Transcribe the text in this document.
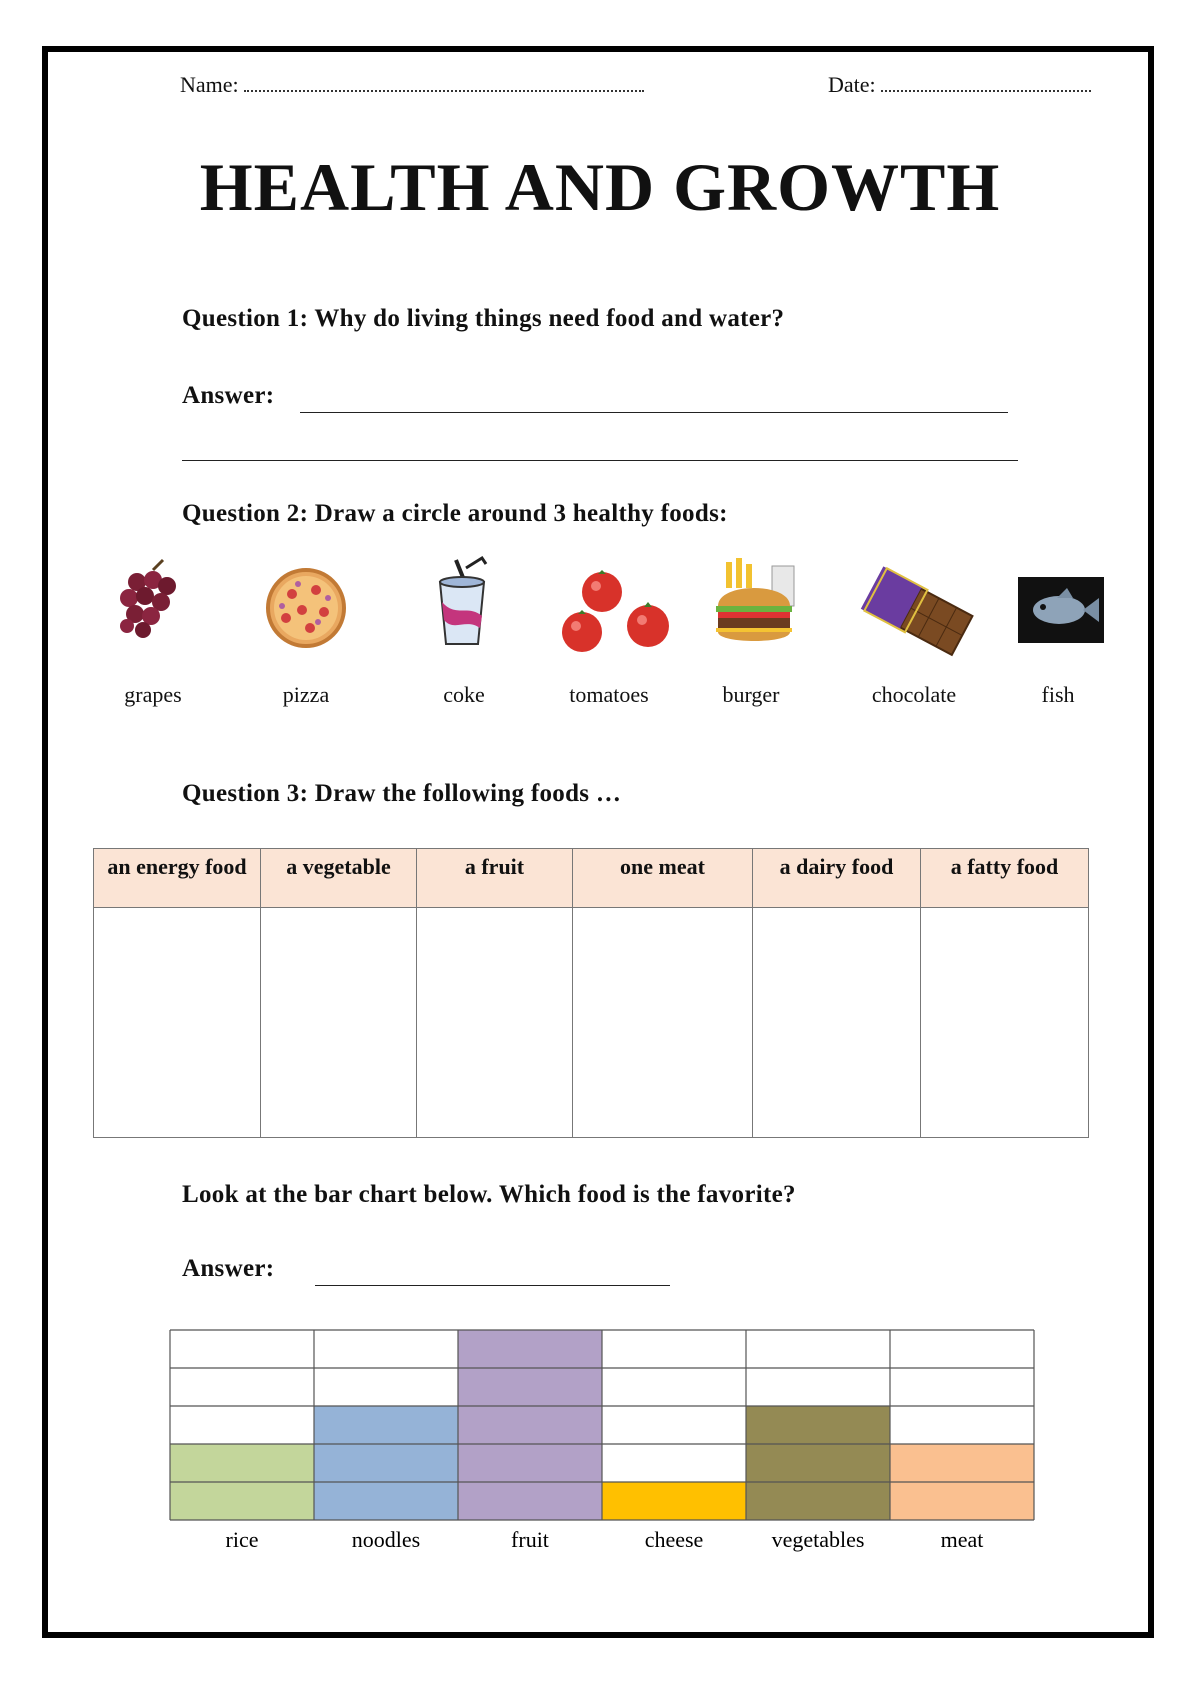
Name:	Date:
HEALTH AND GROWTH
Question 1: Why do living things need food and water?
Answer:
Question 2: Draw a circle around 3 healthy foods:
grapes	pizza	coke	tomatoes	burger	chocolate	fish
Question 3: Draw the following foods …
an energy food	a vegetable	a fruit	one meat	a dairy food	a fatty food

Look at the bar chart below. Which food is the favorite?
Answer:
rice	noodles	fruit	cheese	vegetables	meat
